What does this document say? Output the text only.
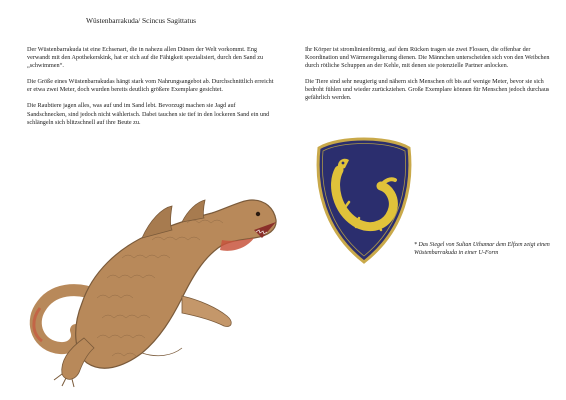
Wüstenbarrakuda/ Scincus Sagittatus

Der Wüstenbarrakuda ist eine Echsenart, die in nahezu allen Dünen der Welt vorkommt. Eng verwandt mit den Apothekerskink, hat er sich auf die Fähigkeit spezialisiert, durch den Sand zu „schwimmen“.

Die Größe eines Wüstenbarrakudas hängt stark vom Nahrungsangebot ab. Durchschnittlich erreicht er etwa zwei Meter, doch wurden bereits deutlich größere Exemplare gesichtet.

Die Raubtiere jagen alles, was auf und im Sand lebt. Bevorzugt machen sie Jagd auf Sandschnecken, sind jedoch nicht wählerisch. Dabei tauchen sie tief in den lockeren Sand ein und schlängeln sich blitzschnell auf ihre Beute zu.

Ihr Körper ist stromlinienförmig, auf dem Rücken tragen sie zwei Flossen, die offenbar der Koordination und Wärmeregulierung dienen. Die Männchen unterscheiden sich von den Weibchen durch rötliche Schuppen an der Kehle, mit denen sie potenzielle Partner anlocken.

Die Tiere sind sehr neugierig und nähern sich Menschen oft bis auf wenige Meter, bevor sie sich bedroht fühlen und wieder zurückziehen. Große Exemplare können für Menschen jedoch durchaus gefährlich werden.

* Das Siegel von Sultan Uthamar dem Elfzen zeigt einen Wüstenbarrakuda in einer U-Form
